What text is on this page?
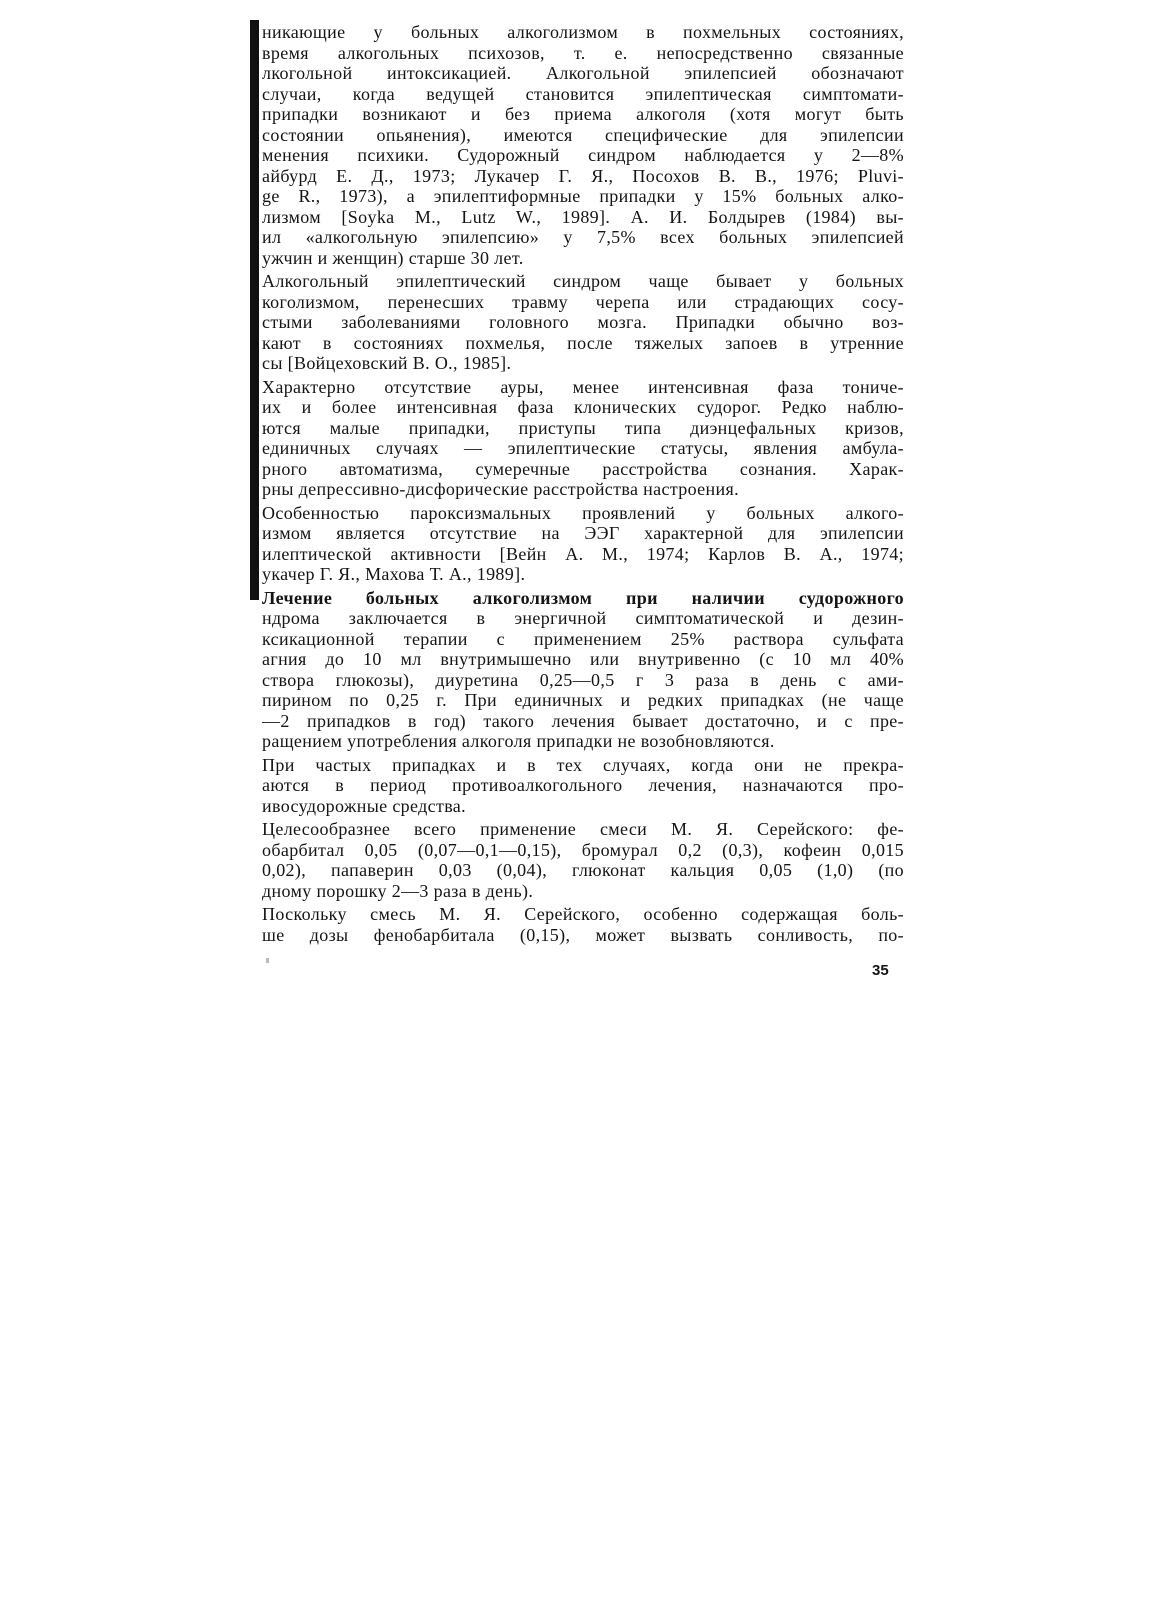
никающие у больных алкоголизмом в похмельных состояниях,
время алкогольных психозов, т. е. непосредственно связанные
лкогольной интоксикацией. Алкогольной эпилепсией обозначают
случаи, когда ведущей становится эпилептическая симптомати-
припадки возникают и без приема алкоголя (хотя могут быть
состоянии опьянения), имеются специфические для эпилепсии
менения психики. Судорожный синдром наблюдается у 2—8%
айбурд Е. Д., 1973; Лукачер Г. Я., Посохов В. В., 1976; Pluvi-
ge R., 1973), а эпилептиформные припадки у 15% больных алко-
лизмом [Soyka M., Lutz W., 1989]. А. И. Болдырев (1984) вы-
ил «алкогольную эпилепсию» у 7,5% всех больных эпилепсией
ужчин и женщин) старше 30 лет.
Алкогольный эпилептический синдром чаще бывает у больных
коголизмом, перенесших травму черепа или страдающих сосу-
стыми заболеваниями головного мозга. Припадки обычно воз-
кают в состояниях похмелья, после тяжелых запоев в утренние
сы [Войцеховский В. О., 1985].
Характерно отсутствие ауры, менее интенсивная фаза тониче-
их и более интенсивная фаза клонических судорог. Редко наблю-
ются малые припадки, приступы типа диэнцефальных кризов,
единичных случаях — эпилептические статусы, явления амбула-
рного автоматизма, сумеречные расстройства сознания. Харак-
рны депрессивно-дисфорические расстройства настроения.
Особенностью пароксизмальных проявлений у больных алкого-
измом является отсутствие на ЭЭГ характерной для эпилепсии
илептической активности [Вейн А. М., 1974; Карлов В. А., 1974;
укачер Г. Я., Махова Т. А., 1989].
Лечение больных алкоголизмом при наличии судорожного
ндрома заключается в энергичной симптоматической и дезин-
ксикационной терапии с применением 25% раствора сульфата
агния до 10 мл внутримышечно или внутривенно (с 10 мл 40%
створа глюкозы), диуретина 0,25—0,5 г 3 раза в день с ами-
пирином по 0,25 г. При единичных и редких припадках (не чаще
—2 припадков в год) такого лечения бывает достаточно, и с пре-
ращением употребления алкоголя припадки не возобновляются.
При частых припадках и в тех случаях, когда они не прекра-
аются в период противоалкогольного лечения, назначаются про-
ивосудорожные средства.
Целесообразнее всего применение смеси М. Я. Серейского: фе-
обарбитал 0,05 (0,07—0,1—0,15), бромурал 0,2 (0,3), кофеин 0,015
0,02), папаверин 0,03 (0,04), глюконат кальция 0,05 (1,0) (по
дному порошку 2—3 раза в день).
Поскольку смесь М. Я. Серейского, особенно содержащая боль-
ше дозы фенобарбитала (0,15), может вызвать сонливость, по-
35
